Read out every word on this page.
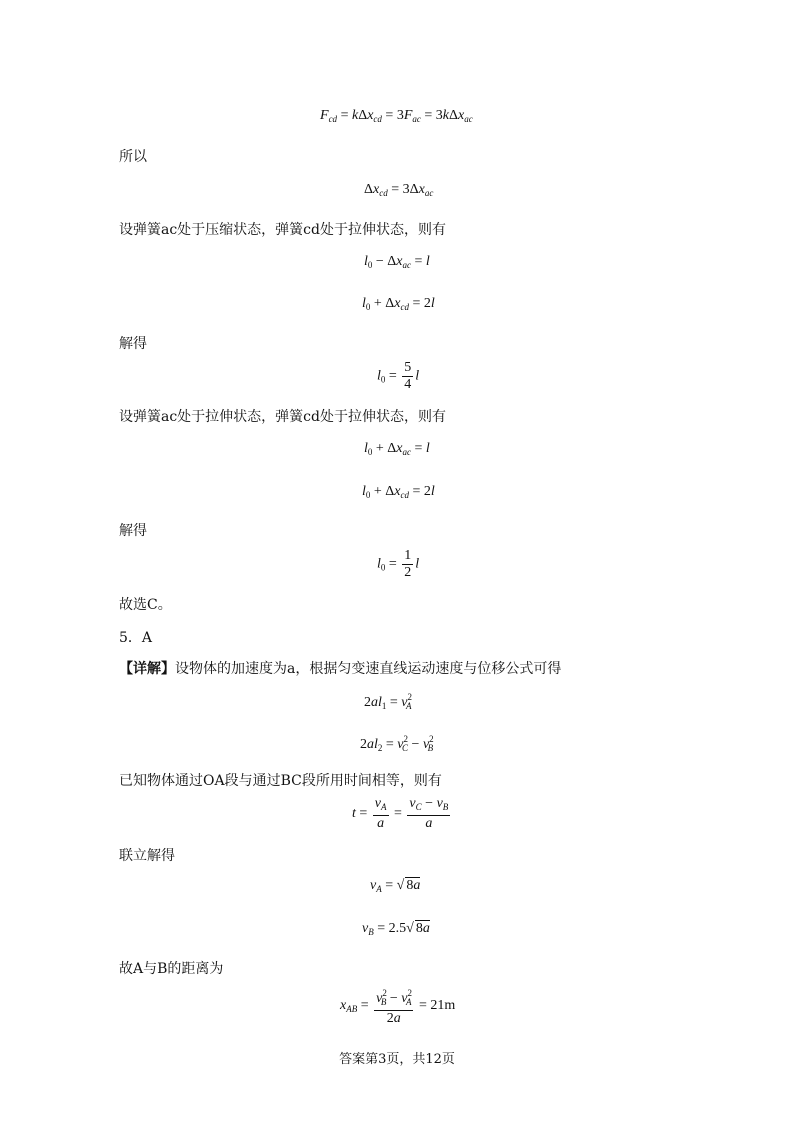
$F_{cd} = k\Delta x_{cd} = 3F_{ac} = 3k\Delta x_{ac}$
所以
$\Delta x_{cd} = 3\Delta x_{ac}$
设弹簧ac处于压缩状态，弹簧cd处于拉伸状态，则有
$l_0 - \Delta x_{ac} = l$
$l_0 + \Delta x_{cd} = 2l$
解得
$l_0 = \frac{5}{4}$ l
设弹簧ac处于拉伸状态，弹簧cd处于拉伸状态，则有
$l_0 + \Delta x_{ac} = l$
$l_0 + \Delta x_{cd} = 2l$
解得
$l_0 = \frac{1}{2}$ l
故选C。
5．A
【详解】设物体的加速度为a，根据匀变速直线运动速度与位移公式可得
$2al_1 = v^2_A$
$2al_2 = v^2_C - v^2_B$
已知物体通过OA段与通过BC段所用时间相等，则有
$t = \frac{v_A}{a} = \frac{v_C - v_B}{a}$
联立解得
$v_A$ = √ 8a
$v_B = 2.5√$ 8a
故A与B的距离为
$x_{AB} = \frac{v^2_B - v^2_A}{2a} = 21m$
答案第3页，共12页
